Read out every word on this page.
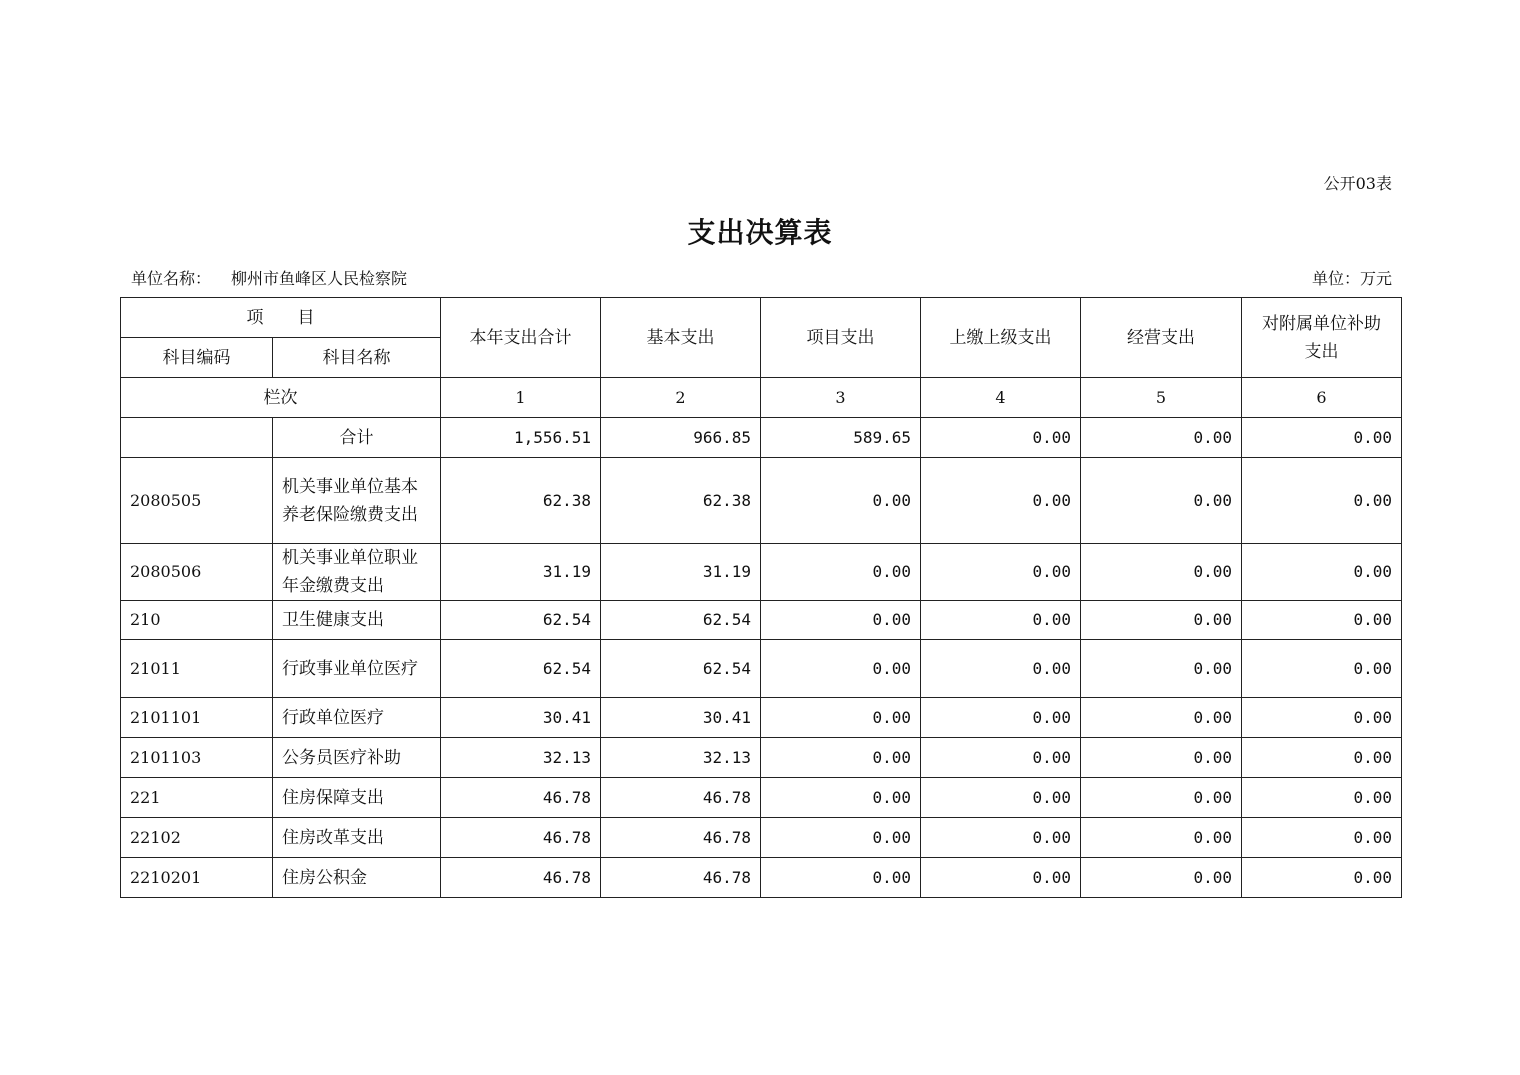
公开03表
支出决算表
单位名称： 柳州市鱼峰区人民检察院	单位：万元
项　　目		本年支出合计	基本支出	项目支出	上缴上级支出	经营支出	对附属单位补助支出
科目编码	科目名称						
栏次		1	2	3	4	5	6
	合计	1,556.51	966.85	589.65	0.00	0.00	0.00
2080505	机关事业单位基本养老保险缴费支出	62.38	62.38	0.00	0.00	0.00	0.00
2080506	机关事业单位职业年金缴费支出	31.19	31.19	0.00	0.00	0.00	0.00
210	卫生健康支出	62.54	62.54	0.00	0.00	0.00	0.00
21011	行政事业单位医疗	62.54	62.54	0.00	0.00	0.00	0.00
2101101	行政单位医疗	30.41	30.41	0.00	0.00	0.00	0.00
2101103	公务员医疗补助	32.13	32.13	0.00	0.00	0.00	0.00
221	住房保障支出	46.78	46.78	0.00	0.00	0.00	0.00
22102	住房改革支出	46.78	46.78	0.00	0.00	0.00	0.00
2210201	住房公积金	46.78	46.78	0.00	0.00	0.00	0.00
